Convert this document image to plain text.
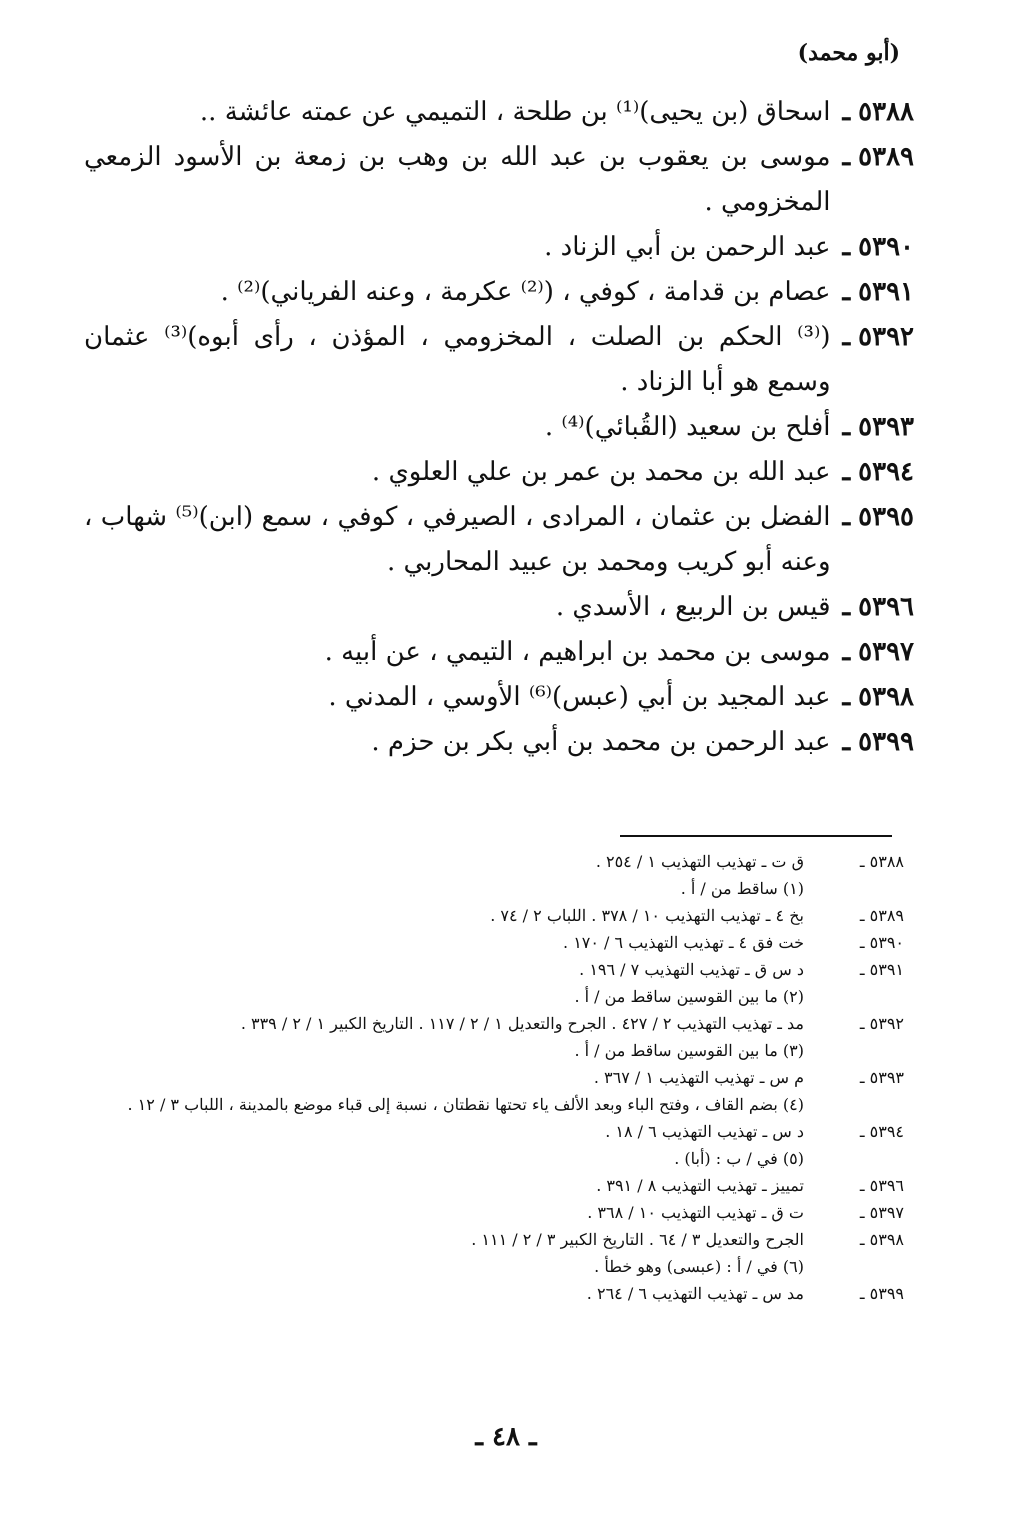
(أبو محمد)
٥٣٨٨
ـ
اسحاق (بن يحيى)⁽¹⁾ بن طلحة ، التميمي عن عمته عائشة ..
٥٣٨٩
ـ
موسى بن يعقوب بن عبد الله بن وهب بن زمعة بن الأسود الزمعي المخزومي .
٥٣٩٠
ـ
عبد الرحمن بن أبي الزناد .
٥٣٩١
ـ
عصام بن قدامة ، كوفي ، (⁽²⁾ عكرمة ، وعنه الفرياني)⁽²⁾ .
٥٣٩٢
ـ
(⁽³⁾ الحكم بن الصلت ، المخزومي ، المؤذن ، رأى أبوه)⁽³⁾ عثمان وسمع هو أبا الزناد .
٥٣٩٣
ـ
أفلح بن سعيد (القُبائي)⁽⁴⁾ .
٥٣٩٤
ـ
عبد الله بن محمد بن عمر بن علي العلوي .
٥٣٩٥
ـ
الفضل بن عثمان ، المرادى ، الصيرفي ، كوفي ، سمع (ابن)⁽⁵⁾ شهاب ، وعنه أبو كريب ومحمد بن عبيد المحاربي .
٥٣٩٦
ـ
قيس بن الربيع ، الأسدي .
٥٣٩٧
ـ
موسى بن محمد بن ابراهيم ، التيمي ، عن أبيه .
٥٣٩٨
ـ
عبد المجيد بن أبي (عبس)⁽⁶⁾ الأوسي ، المدني .
٥٣٩٩
ـ
عبد الرحمن بن محمد بن أبي بكر بن حزم .
٥٣٨٨ ـ
ق ت ـ تهذيب التهذيب ١ / ٢٥٤ .
(١) ساقط من / أ .
٥٣٨٩ ـ
بخ ٤ ـ تهذيب التهذيب ١٠ / ٣٧٨ . اللباب ٢ / ٧٤ .
٥٣٩٠ ـ
خت فق ٤ ـ تهذيب التهذيب ٦ / ١٧٠ .
٥٣٩١ ـ
د س ق ـ تهذيب التهذيب ٧ / ١٩٦ .
(٢) ما بين القوسين ساقط من / أ .
٥٣٩٢ ـ
مد ـ تهذيب التهذيب ٢ / ٤٢٧ . الجرح والتعديل ١ / ٢ / ١١٧ . التاريخ الكبير ١ / ٢ / ٣٣٩ .
(٣) ما بين القوسين ساقط من / أ .
٥٣٩٣ ـ
م س ـ تهذيب التهذيب ١ / ٣٦٧ .
(٤) بضم القاف ، وفتح الباء وبعد الألف ياء تحتها نقطتان ، نسبة إلى قباء موضع بالمدينة ، اللباب ٣ / ١٢ .
٥٣٩٤ ـ
د س ـ تهذيب التهذيب ٦ / ١٨ .
(٥) في / ب : (أبا) .
٥٣٩٦ ـ
تمييز ـ تهذيب التهذيب ٨ / ٣٩١ .
٥٣٩٧ ـ
ت ق ـ تهذيب التهذيب ١٠ / ٣٦٨ .
٥٣٩٨ ـ
الجرح والتعديل ٣ / ٦٤ . التاريخ الكبير ٣ / ٢ / ١١١ .
(٦) في / أ : (عبسى) وهو خطأ .
٥٣٩٩ ـ
مد س ـ تهذيب التهذيب ٦ / ٢٦٤ .
ـ ٤٨ ـ
